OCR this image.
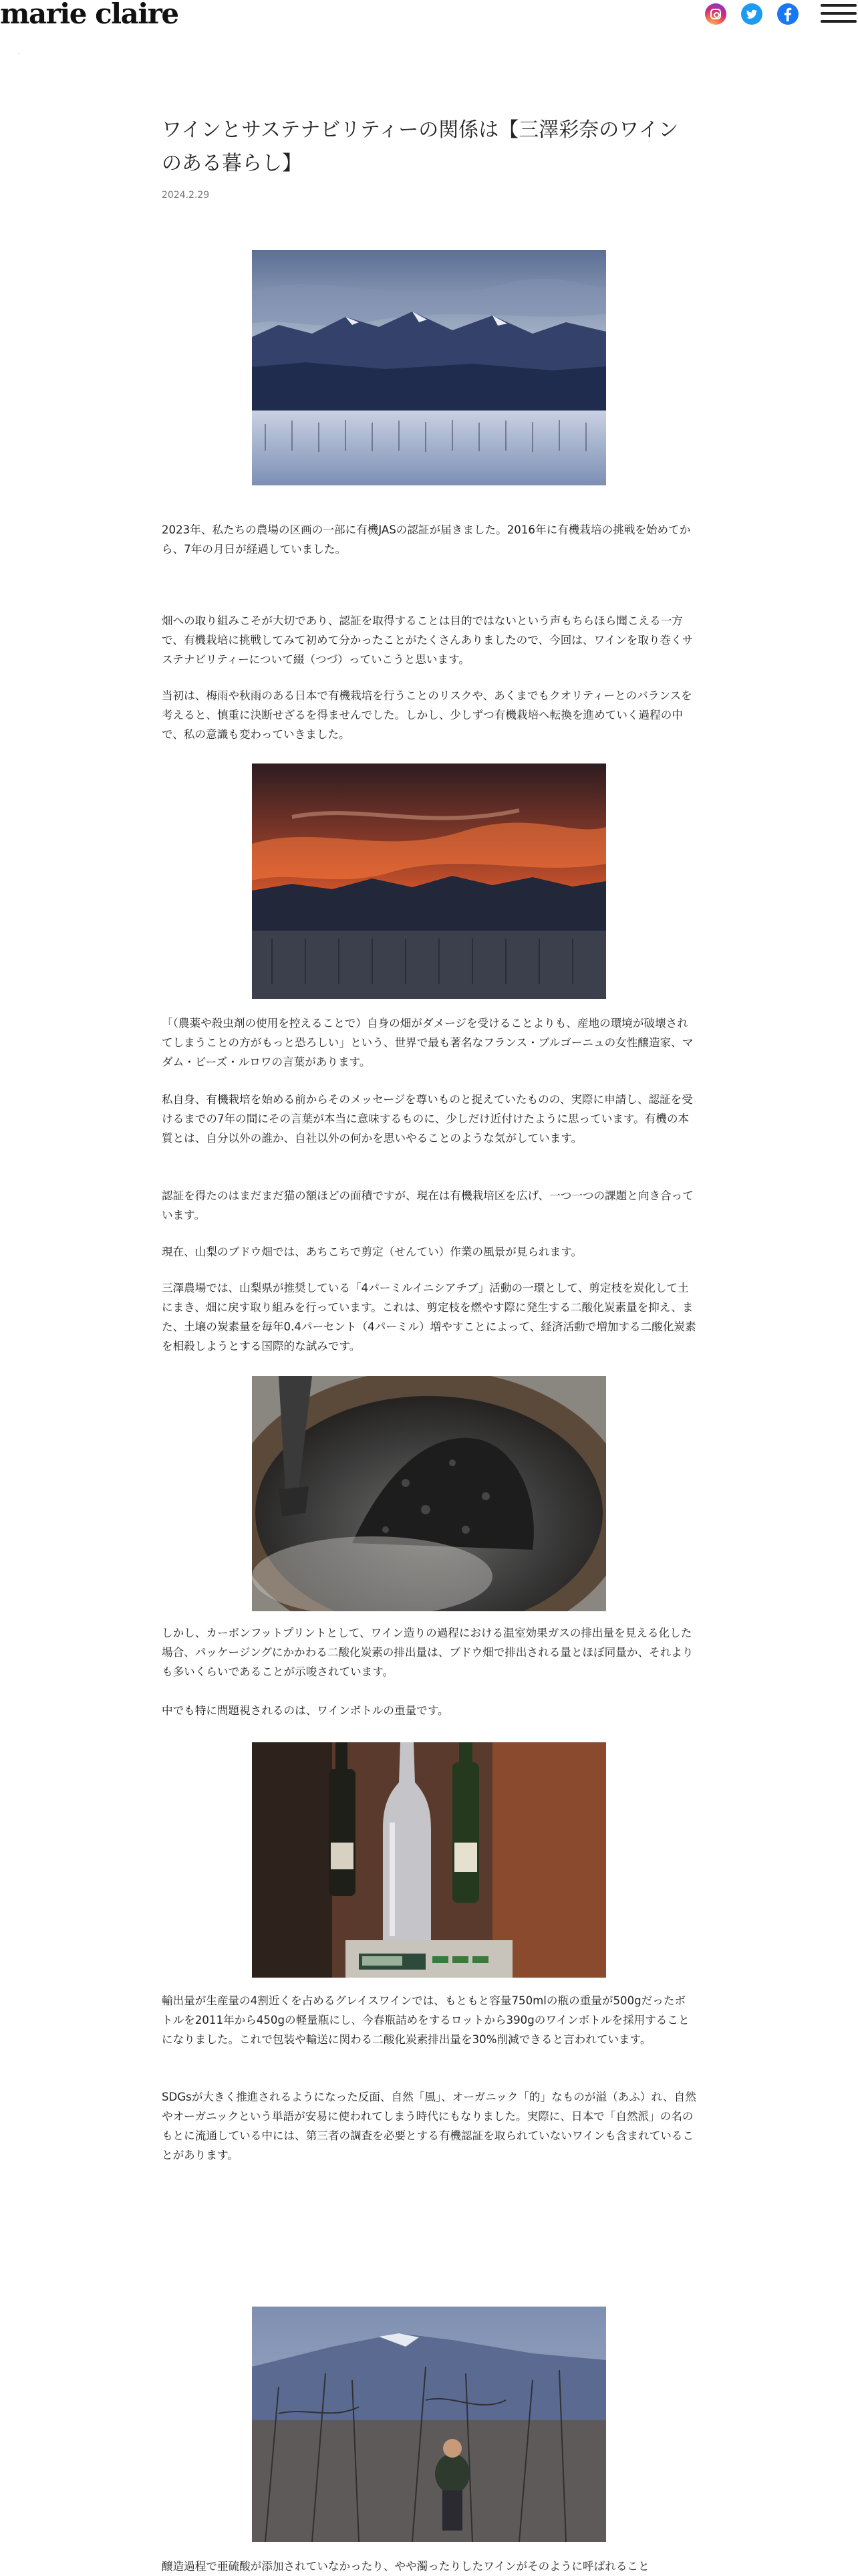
marie claire
ワインとサステナビリティーの関係は【三澤彩奈のワインのある暮らし】
2024.2.29

2023年、私たちの農場の区画の一部に有機JASの認証が届きました。2016年に有機栽培の挑戦を始めてから、7年の月日が経過していました。

畑への取り組みこそが大切であり、認証を取得することは目的ではないという声もちらほら聞こえる一方で、有機栽培に挑戦してみて初めて分かったことがたくさんありましたので、今回は、ワインを取り巻くサステナビリティーについて綴（つづ）っていこうと思います。

当初は、梅雨や秋雨のある日本で有機栽培を行うことのリスクや、あくまでもクオリティーとのバランスを考えると、慎重に決断せざるを得ませんでした。しかし、少しずつ有機栽培へ転換を進めていく過程の中で、私の意識も変わっていきました。

「（農薬や殺虫剤の使用を控えることで）自身の畑がダメージを受けることよりも、産地の環境が破壊されてしまうことの方がもっと恐ろしい」という、世界で最も著名なフランス・ブルゴーニュの女性醸造家、マダム・ビーズ・ルロワの言葉があります。

私自身、有機栽培を始める前からそのメッセージを尊いものと捉えていたものの、実際に申請し、認証を受けるまでの7年の間にその言葉が本当に意味するものに、少しだけ近付けたように思っています。有機の本質とは、自分以外の誰か、自社以外の何かを思いやることのような気がしています。

認証を得たのはまだまだ猫の額ほどの面積ですが、現在は有機栽培区を広げ、一つ一つの課題と向き合っています。

現在、山梨のブドウ畑では、あちこちで剪定（せんてい）作業の風景が見られます。

三澤農場では、山梨県が推奨している「4パーミルイニシアチブ」活動の一環として、剪定枝を炭化して土にまき、畑に戻す取り組みを行っています。これは、剪定枝を燃やす際に発生する二酸化炭素量を抑え、また、土壌の炭素量を毎年0.4パーセント（4パーミル）増やすことによって、経済活動で増加する二酸化炭素を相殺しようとする国際的な試みです。

しかし、カーボンフットプリントとして、ワイン造りの過程における温室効果ガスの排出量を見える化した場合、パッケージングにかかわる二酸化炭素の排出量は、ブドウ畑で排出される量とほぼ同量か、それよりも多いくらいであることが示唆されています。

中でも特に問題視されるのは、ワインボトルの重量です。

輸出量が生産量の4割近くを占めるグレイスワインでは、もともと容量750mlの瓶の重量が500gだったボトルを2011年から450gの軽量瓶にし、今春瓶詰めをするロットから390gのワインボトルを採用することになりました。これで包装や輸送に関わる二酸化炭素排出量を30%削減できると言われています。

SDGsが大きく推進されるようになった反面、自然「風」、オーガニック「的」なものが溢（あふ）れ、自然やオーガニックという単語が安易に使われてしまう時代にもなりました。実際に、日本で「自然派」の名のもとに流通している中には、第三者の調査を必要とする有機認証を取られていないワインも含まれていることがあります。

醸造過程で亜硫酸が添加されていなかったり、やや濁ったりしたワインがそのように呼ばれること
